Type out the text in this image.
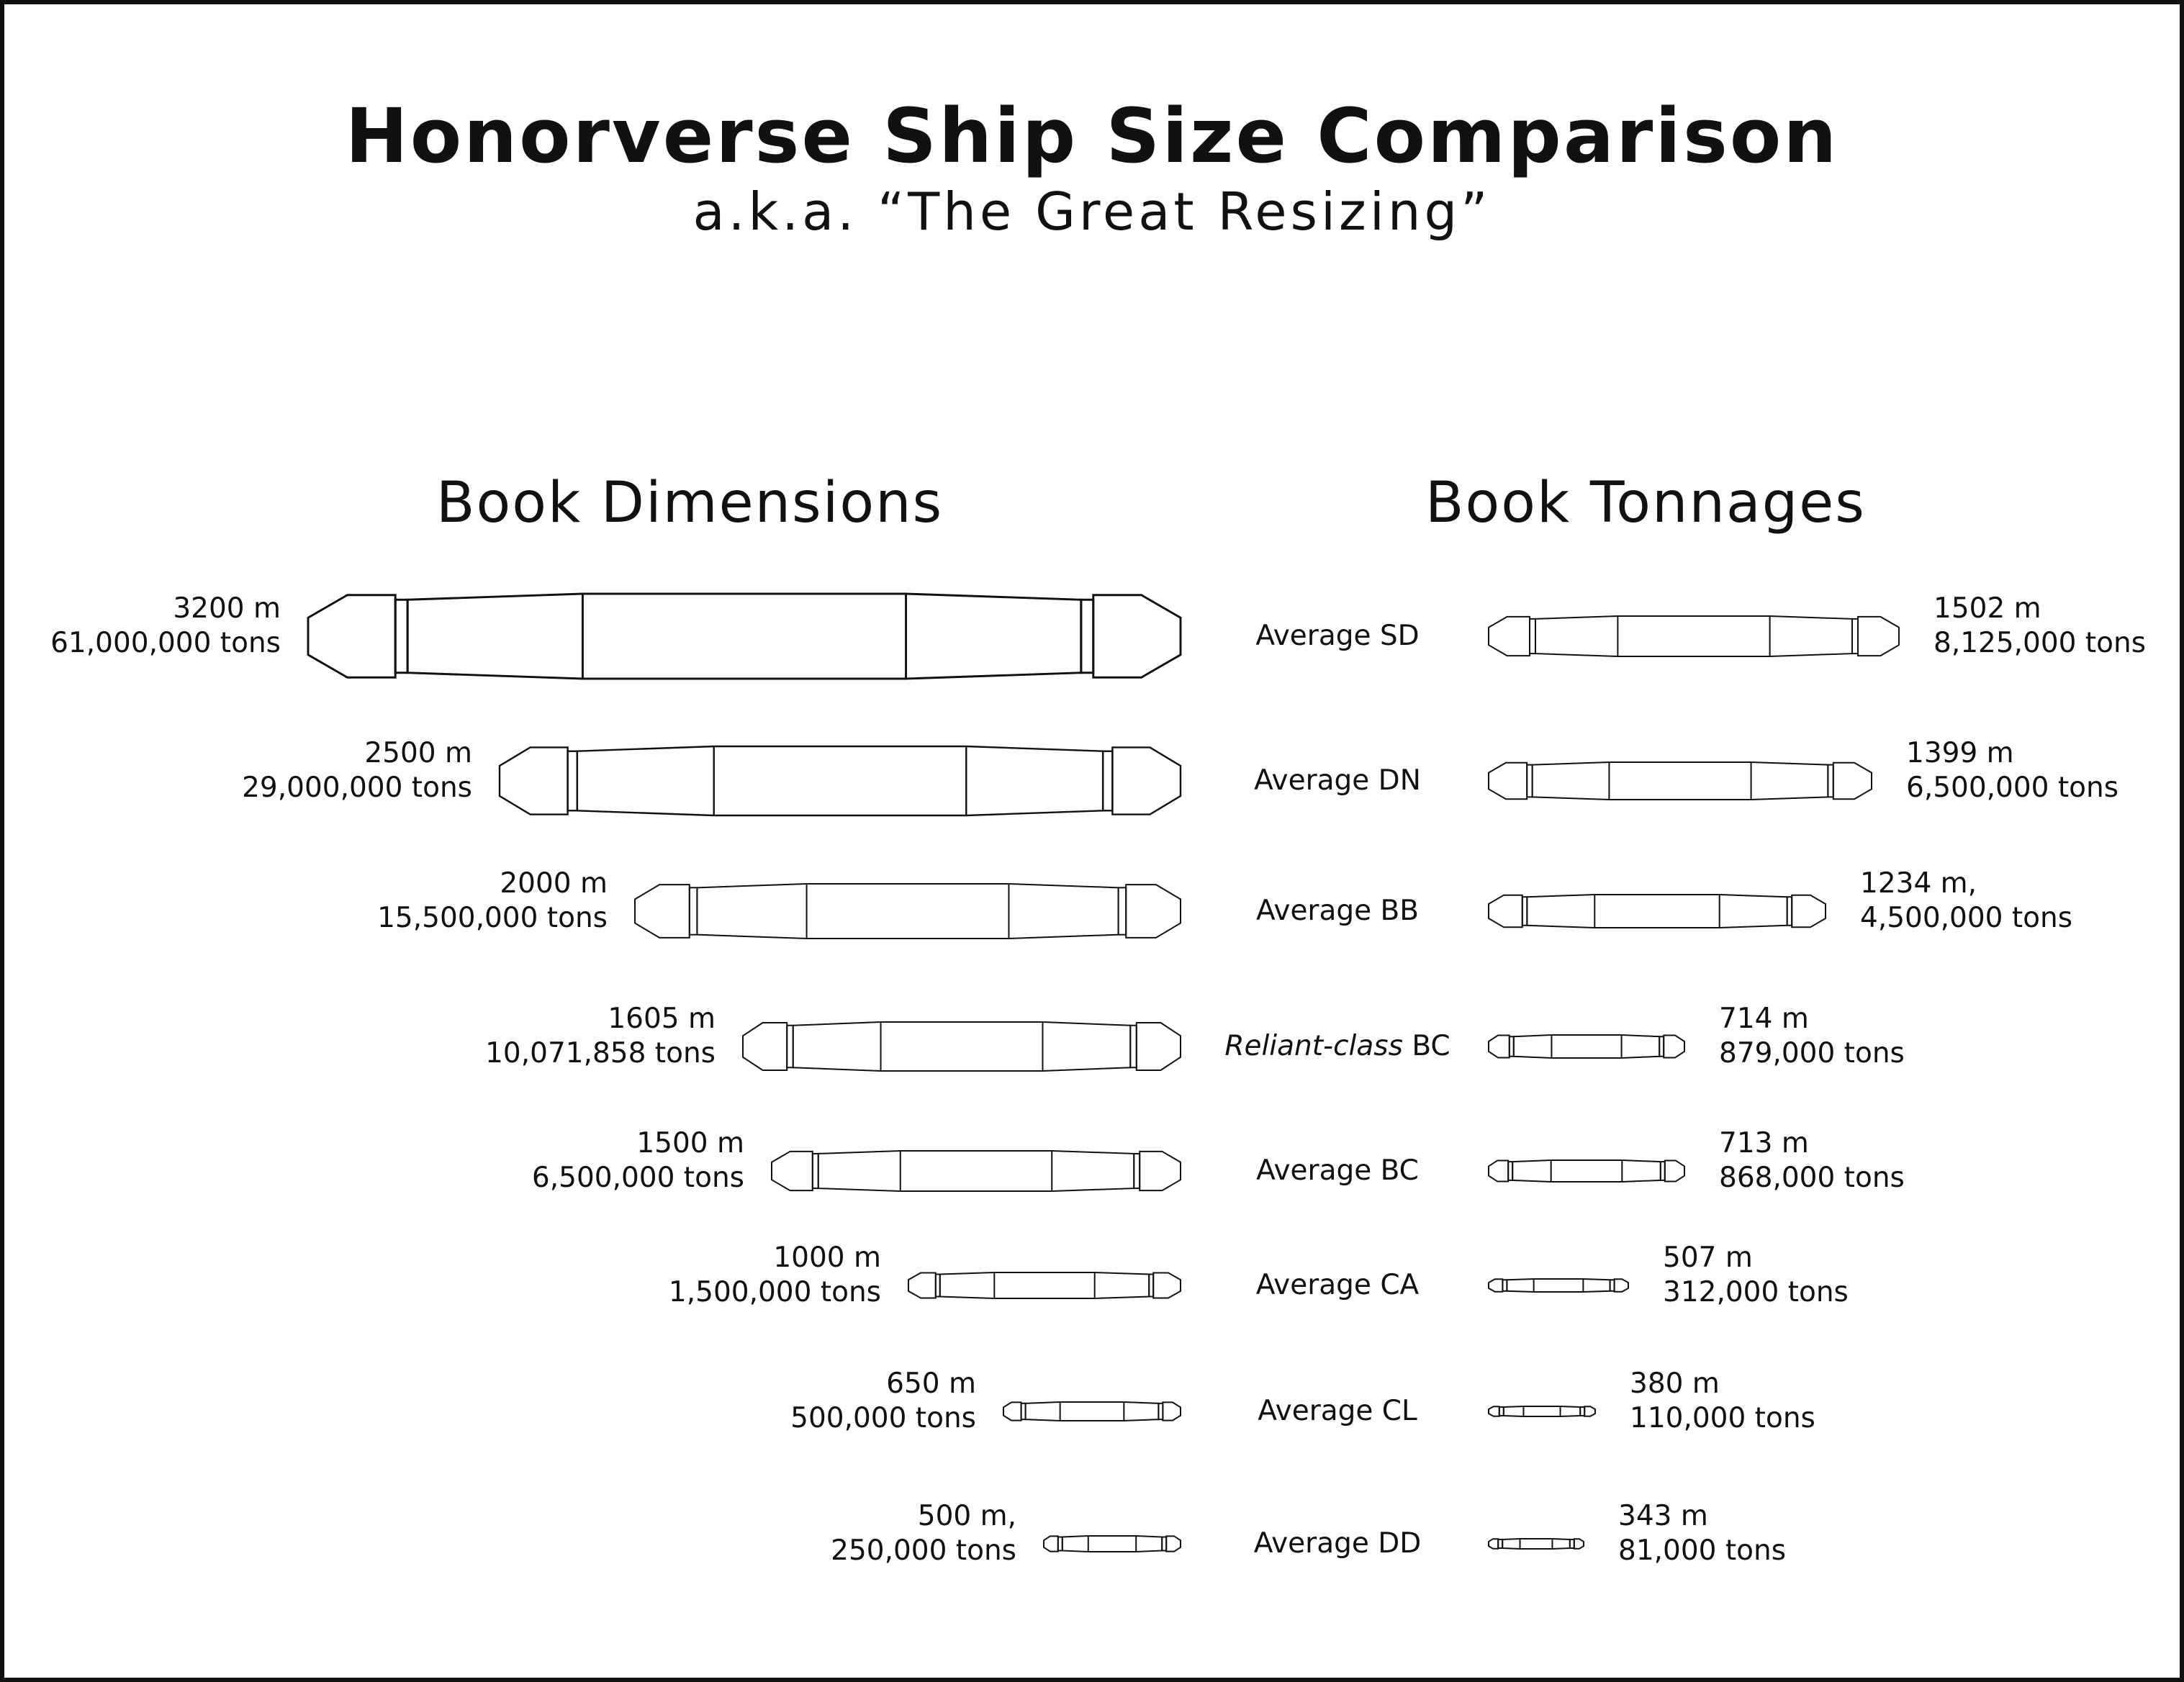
Honorverse Ship Size Comparison
a.k.a. “The Great Resizing”
Book Dimensions	Book Tonnages
3200 m
61,000,000 tons
1502 m
8,125,000 tons
Average SD
2500 m
29,000,000 tons
1399 m
6,500,000 tons
Average DN
2000 m
15,500,000 tons
1234 m,
4,500,000 tons
Average BB
1605 m
10,071,858 tons
714 m
879,000 tons
Reliant-class BC
1500 m
6,500,000 tons
713 m
868,000 tons
Average BC
1000 m
1,500,000 tons
507 m
312,000 tons
Average CA
650 m
500,000 tons
380 m
110,000 tons
Average CL
500 m,
250,000 tons
343 m
81,000 tons
Average DD
